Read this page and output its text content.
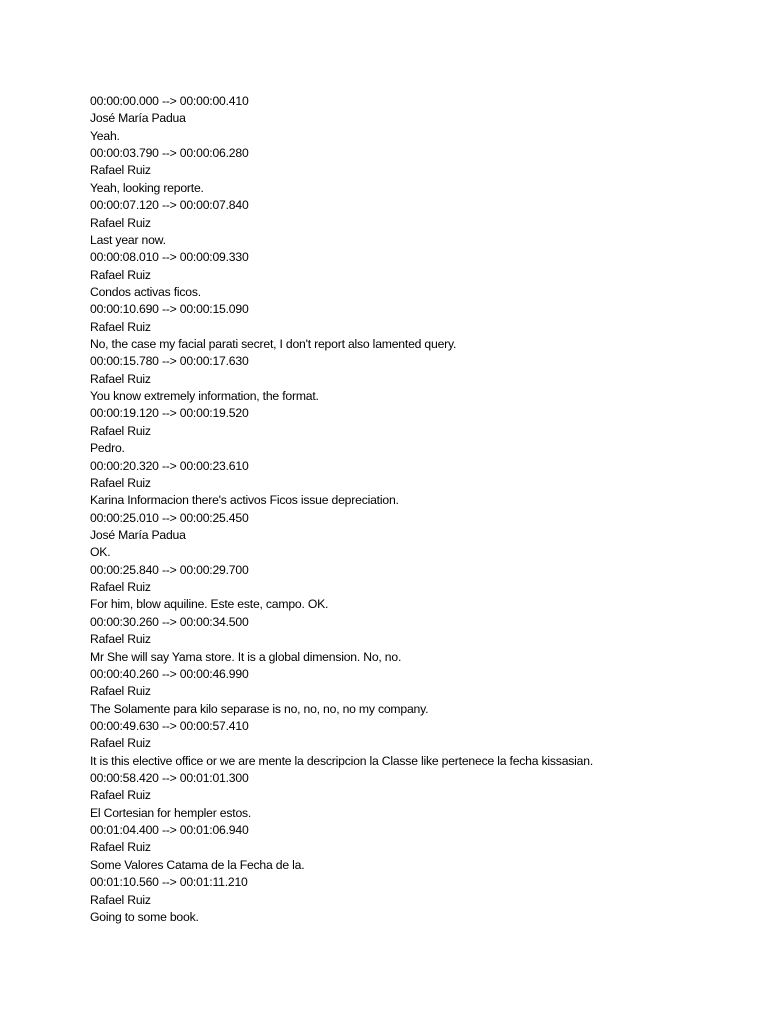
00:00:00.000 --> 00:00:00.410
José María Padua
Yeah.
00:00:03.790 --> 00:00:06.280
Rafael Ruiz
Yeah, looking reporte.
00:00:07.120 --> 00:00:07.840
Rafael Ruiz
Last year now.
00:00:08.010 --> 00:00:09.330
Rafael Ruiz
Condos activas ficos.
00:00:10.690 --> 00:00:15.090
Rafael Ruiz
No, the case my facial parati secret, I don't report also lamented query.
00:00:15.780 --> 00:00:17.630
Rafael Ruiz
You know extremely information, the format.
00:00:19.120 --> 00:00:19.520
Rafael Ruiz
Pedro.
00:00:20.320 --> 00:00:23.610
Rafael Ruiz
Karina Informacion there's activos Ficos issue depreciation.
00:00:25.010 --> 00:00:25.450
José María Padua
OK.
00:00:25.840 --> 00:00:29.700
Rafael Ruiz
For him, blow aquiline. Este este, campo. OK.
00:00:30.260 --> 00:00:34.500
Rafael Ruiz
Mr She will say Yama store. It is a global dimension. No, no.
00:00:40.260 --> 00:00:46.990
Rafael Ruiz
The Solamente para kilo separase is no, no, no, no my company.
00:00:49.630 --> 00:00:57.410
Rafael Ruiz
It is this elective office or we are mente la descripcion la Classe like pertenece la fecha kissasian.
00:00:58.420 --> 00:01:01.300
Rafael Ruiz
El Cortesian for hempler estos.
00:01:04.400 --> 00:01:06.940
Rafael Ruiz
Some Valores Catama de la Fecha de la.
00:01:10.560 --> 00:01:11.210
Rafael Ruiz
Going to some book.
